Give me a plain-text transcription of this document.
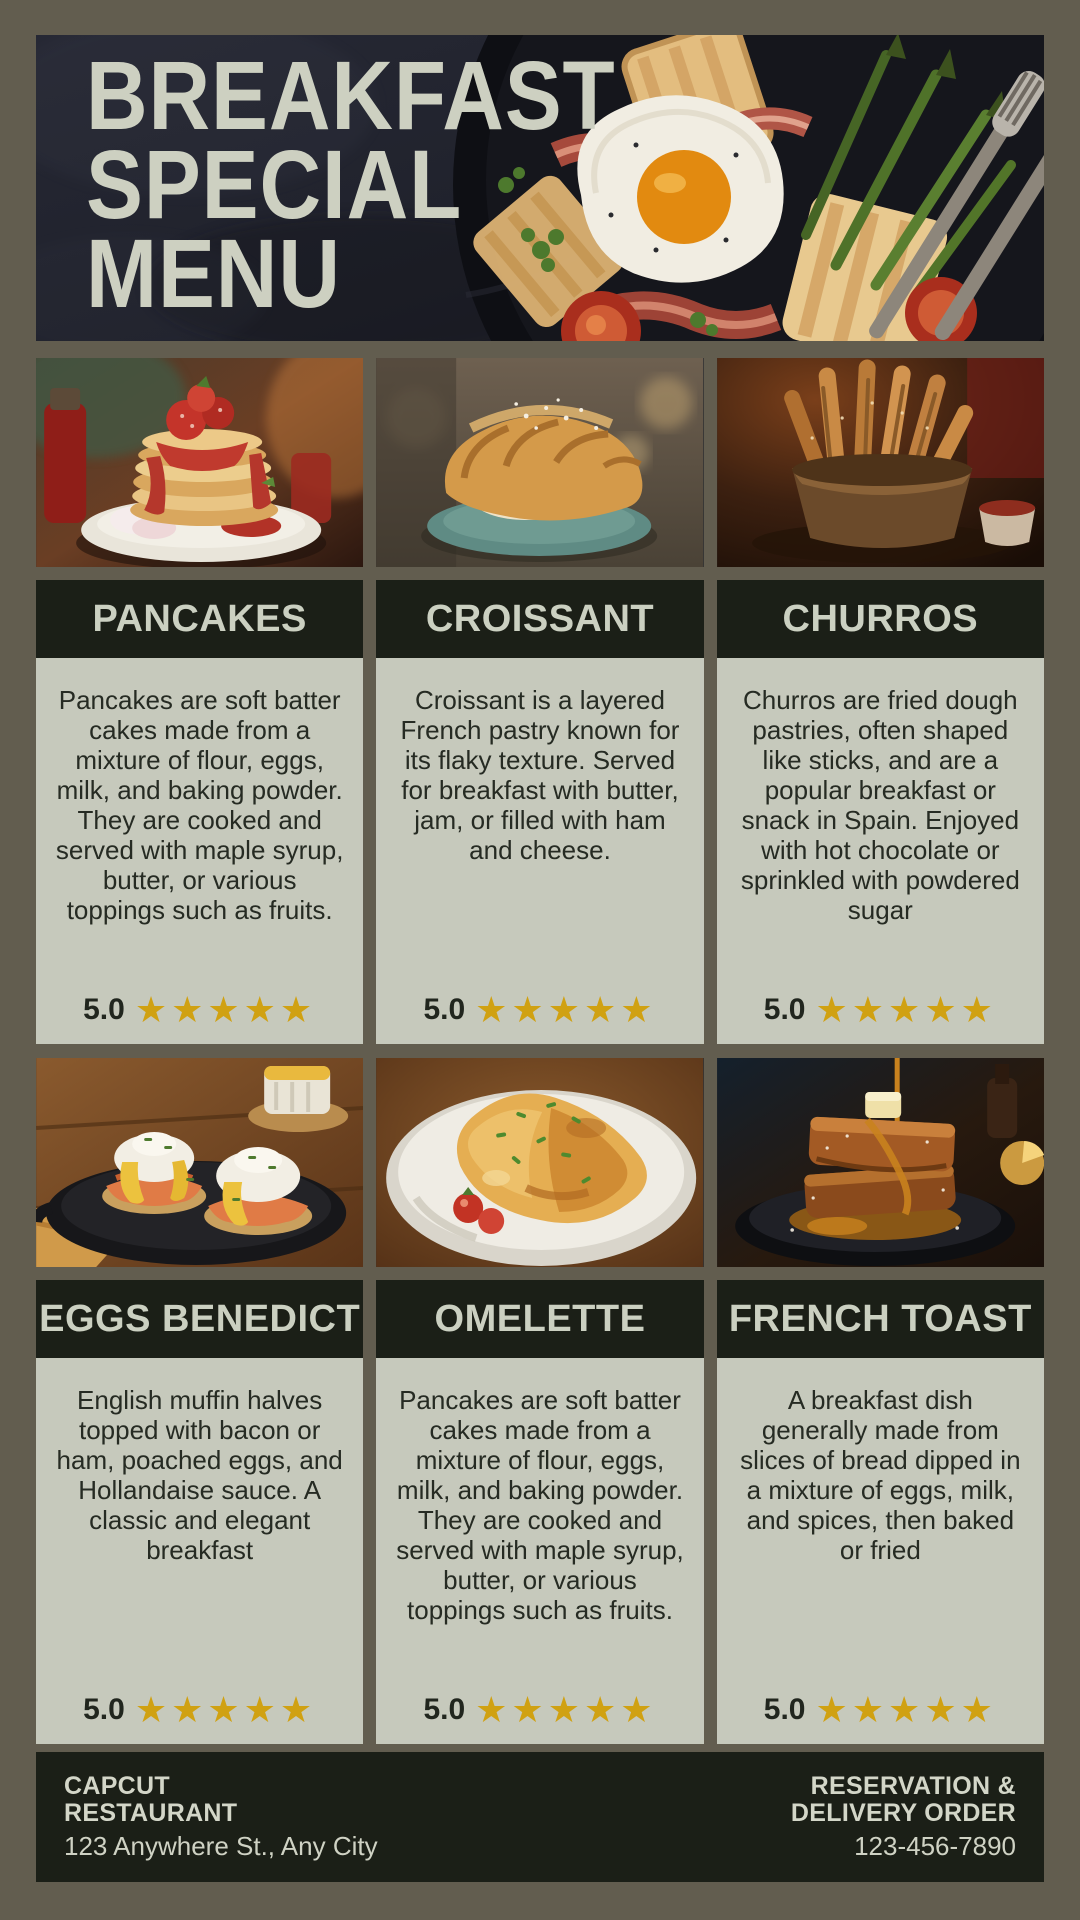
BREAKFAST
SPECIAL
MENU
PANCAKES
Pancakes are soft batter cakes made from a mixture of flour, eggs, milk, and baking powder. They are cooked and served with maple syrup, butter, or various toppings such as fruits.
5.0 ★★★★★
CROISSANT
Croissant is a layered French pastry known for its flaky texture. Served for breakfast with butter, jam, or filled with ham and cheese.
5.0 ★★★★★
CHURROS
Churros are fried dough pastries, often shaped like sticks, and are a popular breakfast or snack in Spain. Enjoyed with hot chocolate or sprinkled with powdered sugar
5.0 ★★★★★
EGGS BENEDICT
English muffin halves topped with bacon or ham, poached eggs, and Hollandaise sauce. A classic and elegant breakfast
5.0 ★★★★★
OMELETTE
Pancakes are soft batter cakes made from a mixture of flour, eggs, milk, and baking powder. They are cooked and served with maple syrup, butter, or various toppings such as fruits.
5.0 ★★★★★
FRENCH TOAST
A breakfast dish generally made from slices of bread dipped in a mixture of eggs, milk, and spices, then baked or fried
5.0 ★★★★★
CAPCUT
RESTAURANT
123 Anywhere St., Any City
RESERVATION &
DELIVERY ORDER
123-456-7890
